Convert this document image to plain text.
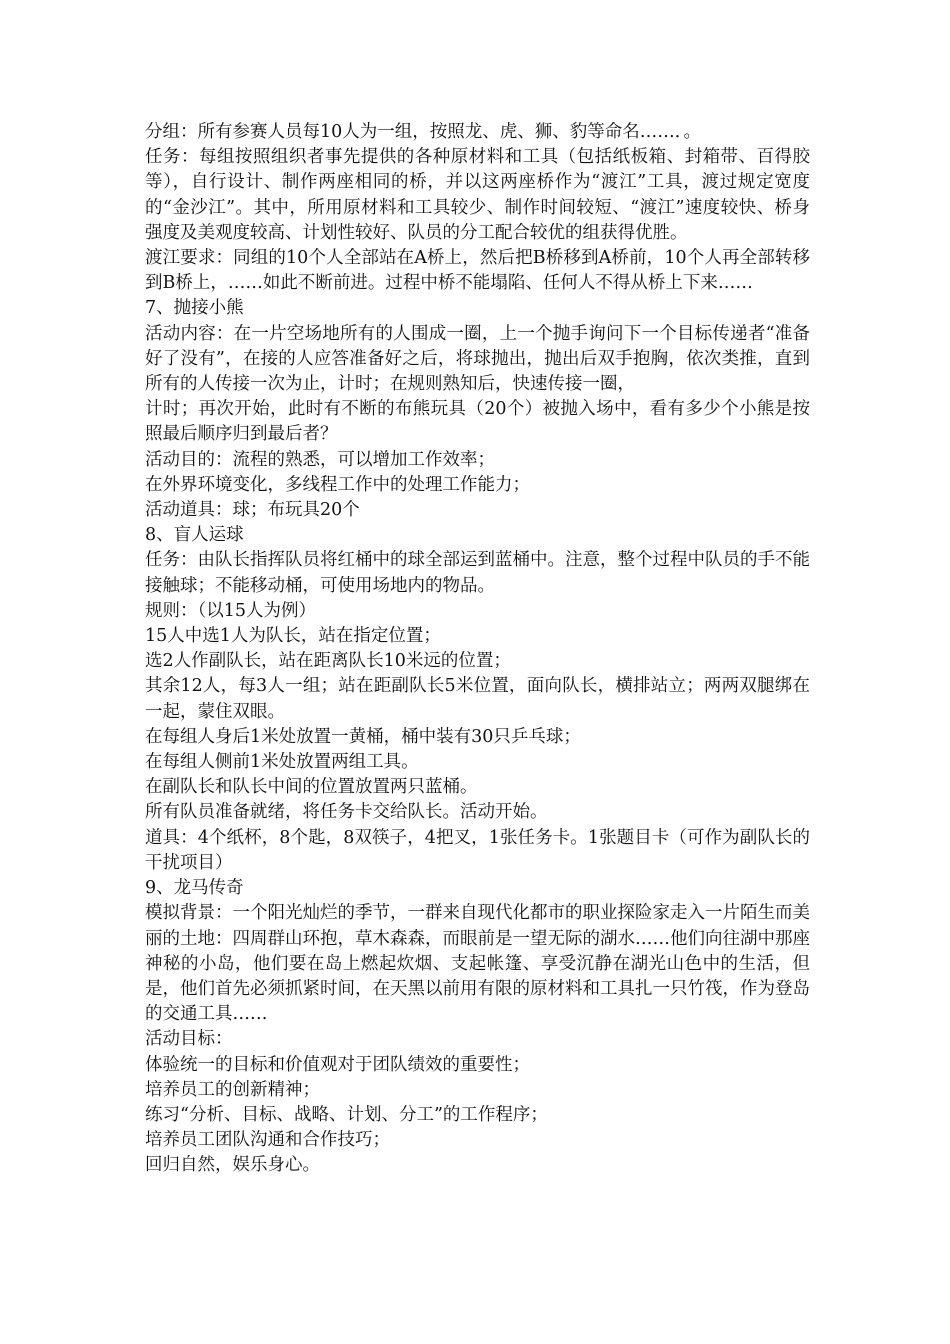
分组：所有参赛人员每10人为一组，按照龙、虎、狮、豹等命名……．。
任务：每组按照组织者事先提供的各种原材料和工具（包括纸板箱、封箱带、百得胶等），自行设计、制作两座相同的桥，并以这两座桥作为“渡江”工具，渡过规定宽度的“金沙江”。其中，所用原材料和工具较少、制作时间较短、“渡江”速度较快、桥身强度及美观度较高、计划性较好、队员的分工配合较优的组获得优胜。
渡江要求：同组的10个人全部站在A桥上，然后把B桥移到A桥前，10个人再全部转移到B桥上，……如此不断前进。过程中桥不能塌陷、任何人不得从桥上下来……
7、抛接小熊
活动内容：在一片空场地所有的人围成一圈，上一个抛手询问下一个目标传递者“准备好了没有”，在接的人应答准备好之后，将球抛出，抛出后双手抱胸，依次类推，直到所有的人传接一次为止，计时；在规则熟知后，快速传接一圈，
计时；再次开始，此时有不断的布熊玩具（20个）被抛入场中，看有多少个小熊是按照最后顺序归到最后者？
活动目的：流程的熟悉，可以增加工作效率；
在外界环境变化，多线程工作中的处理工作能力；
活动道具：球；布玩具20个
8、盲人运球
任务：由队长指挥队员将红桶中的球全部运到蓝桶中。注意，整个过程中队员的手不能接触球；不能移动桶，可使用场地内的物品。
规则：（以15人为例）
15人中选1人为队长，站在指定位置；
选2人作副队长，站在距离队长10米远的位置；
其余12人，每3人一组；站在距副队长5米位置，面向队长，横排站立；两两双腿绑在一起，蒙住双眼。
在每组人身后1米处放置一黄桶，桶中装有30只乒乓球；
在每组人侧前1米处放置两组工具。
在副队长和队长中间的位置放置两只蓝桶。
所有队员准备就绪，将任务卡交给队长。活动开始。
道具：4个纸杯，8个匙，8双筷子，4把叉，1张任务卡。1张题目卡（可作为副队长的干扰项目）
9、龙马传奇
模拟背景：一个阳光灿烂的季节，一群来自现代化都市的职业探险家走入一片陌生而美丽的土地：四周群山环抱，草木森森，而眼前是一望无际的湖水……他们向往湖中那座神秘的小岛，他们要在岛上燃起炊烟、支起帐篷、享受沉静在湖光山色中的生活，但是，他们首先必须抓紧时间，在天黑以前用有限的原材料和工具扎一只竹筏，作为登岛的交通工具……
活动目标：
体验统一的目标和价值观对于团队绩效的重要性；
培养员工的创新精神；
练习“分析、目标、战略、计划、分工”的工作程序；
培养员工团队沟通和合作技巧；
回归自然，娱乐身心。
